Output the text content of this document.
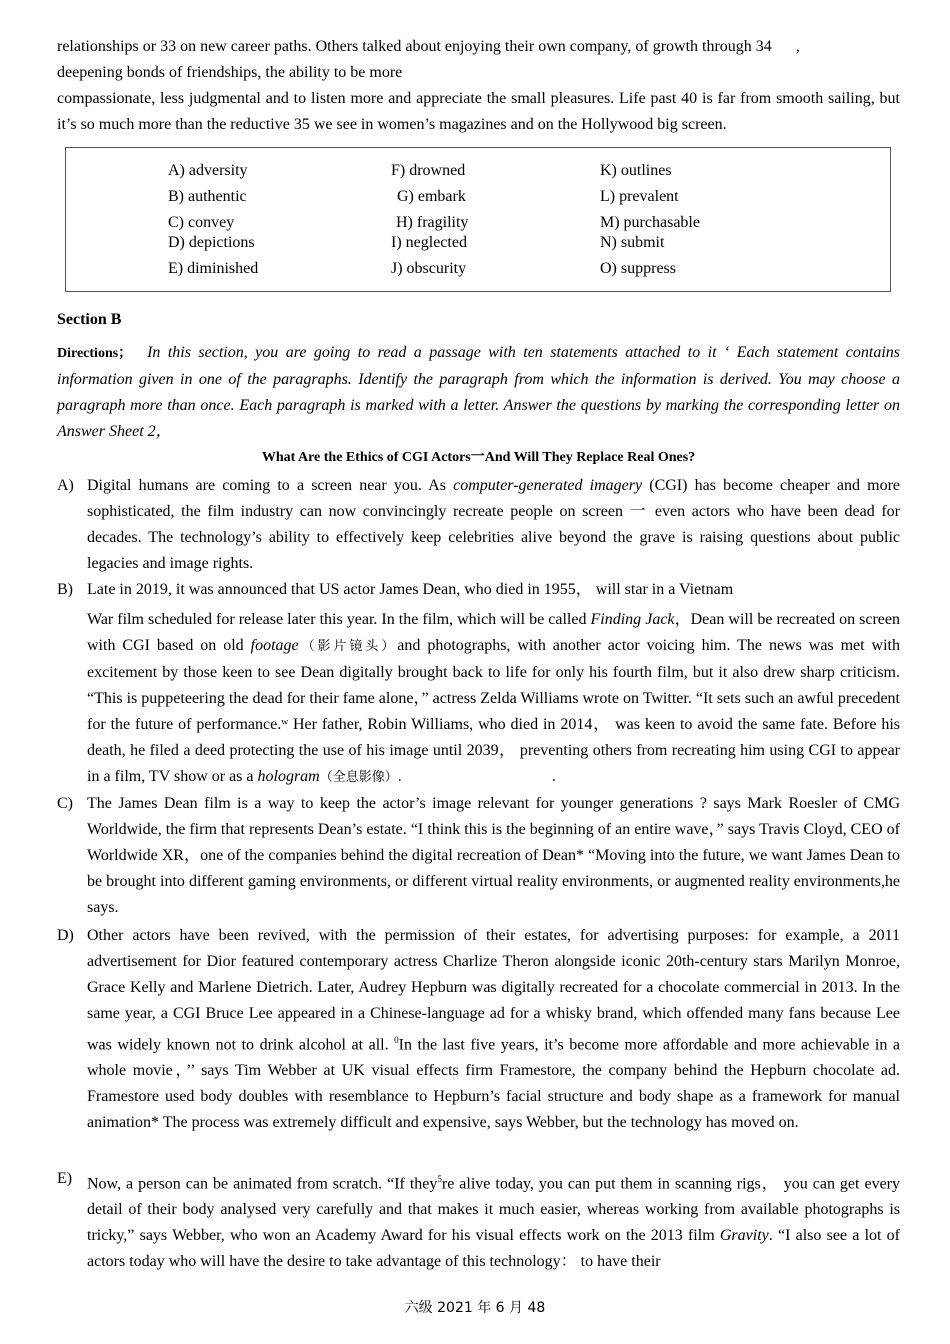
relationships or 33 on new career paths. Others talked about enjoying their own company, of growth through 34      ,
deepening bonds of friendships, the ability to be more
compassionate, less judgmental and to listen more and appreciate the small pleasures. Life past 40 is far from smooth sailing, but it’s so much more than the reductive 35 we see in women’s magazines and on the Hollywood big screen.

A) adversity
B) authentic
C) convey
D) depictions
E) diminished
F) drowned
G) embark
H) fragility
I) neglected
J) obscurity
K) outlines
L) prevalent
M) purchasable
N) submit
O) suppress
Section B

Directions； In this section, you are going to read a passage with ten statements attached to it ‘ Each statement contains information given in one of the paragraphs. Identify the paragraph from which the information is derived. You may choose a paragraph more than once. Each paragraph is marked with a letter. Answer the questions by marking the corresponding letter on Answer Sheet 2，

What Are the Ethics of CGI Actors一And Will They Replace Real Ones?
A) Digital humans are coming to a screen near you. As computer-generated imagery (CGI) has become cheaper and more sophisticated, the film industry can now convincingly recreate people on screen 一 even actors who have been dead for decades. The technology’s ability to effectively keep celebrities alive beyond the grave is raising questions about public legacies and image rights.
B) Late in 2019, it was announced that US actor James Dean, who died in 1955， will star in a Vietnam
War film scheduled for release later this year. In the film, which will be called Finding Jack，Dean will be recreated on screen with CGI based on old footage（影片镜头）and photographs, with another actor voicing him. The news was met with excitement by those keen to see Dean digitally brought back to life for only his fourth film, but it also drew sharp criticism. “This is puppeteering the dead for their fame alone，” actress Zelda Williams wrote on Twitter. “It sets such an awful precedent for the future of performance.ʷ Her father, Robin Williams, who died in 2014， was keen to avoid the same fate. Before his death, he filed a deed protecting the use of his image until 2039， preventing others from recreating him using CGI to appear in a film, TV show or as a hologram（全息影像）.	.
C) The James Dean film is a way to keep the actor’s image relevant for younger generations ? says Mark Roesler of CMG Worldwide, the firm that represents Dean’s estate. “I think this is the beginning of an entire wave，” says Travis Cloyd, CEO of Worldwide XR，one of the companies behind the digital recreation of Dean* “Moving into the future, we want James Dean to be brought into different gaming environments, or different virtual reality environments, or augmented reality environments,he says.
D) Other actors have been revived, with the permission of their estates, for advertising purposes: for example, a 2011 advertisement for Dior featured contemporary actress Charlize Theron alongside iconic 20th-century stars Marilyn Monroe, Grace Kelly and Marlene Dietrich. Later, Audrey Hepburn was digitally recreated for a chocolate commercial in 2013. In the same year, a CGI Bruce Lee appeared in a Chinese-language ad for a whisky brand, which offended many fans because Lee was widely known not to drink alcohol at all. $^0$In the last five years, it’s become more affordable and more achievable in a whole movie，’’ says Tim Webber at UK visual effects firm Framestore, the company behind the Hepburn chocolate ad. Framestore used body doubles with resemblance to Hepburn’s facial structure and body shape as a framework for manual animation* The process was extremely difficult and expensive, says Webber, but the technology has moved on.
E) Now, a person can be animated from scratch. “If they$^5$re alive today, you can put them in scanning rigs， you can get every detail of their body analysed very carefully and that makes it much easier, whereas working from available photographs is tricky,” says Webber, who won an Academy Award for his visual effects work on the 2013 film Gravity. “I also see a lot of actors today who will have the desire to take advantage of this technology： to have their
六级 2021 年 6 月 48
